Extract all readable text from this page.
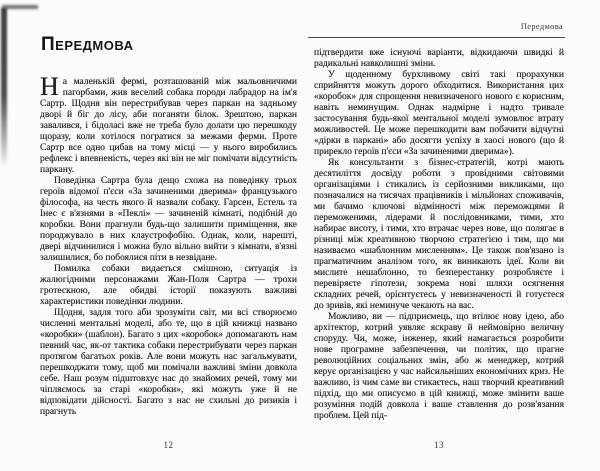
Передмова

На маленькій фермі, розташованій між мальовничими пагорбами, жив веселий собака породи лабрадор на ім'я Сартр. Щодня він перестрибував через паркан на задньому дворі й біг до лісу, аби поганяти білок. Зрештою, паркан завалився, і бідоласі вже не треба було долати цю перешкоду щоразу, коли хотілося погратися за межами ферми. Проте Сартр все одно цибав на тому місці — у нього виробились рефлекс і впевненість, через які він не міг помічати відсутність паркану.

Поведінка Сартра була дещо схожа на поведінку трьох героїв відомої п'єси «За зачиненими дверима» французького філософа, на честь якого й назвали собаку. Гарсен, Естель та Інес є в'язнями в «Пеклі» — зачиненій кімнаті, подібній до коробки. Вони прагнули будь-що залишити приміщення, яке породжувало в них клаустрофобію. Однак, коли, нарешті, двері відчинилися і можна було вільно вийти з кімнати, в'язні залишилися, бо побоялися піти в незвідане.

Помилка собаки видається смішною, ситуація із жалюгідними персонажами Жан-Поля Сартра — трохи гротескною, але обидві історії показують важливі характеристики поведінки людини.

Щодня, задля того аби зрозуміти світ, ми всі створюємо численні ментальні моделі, або те, що в цій книжці названо «коробки» (шаблон). Багато з цих «коробок» допомагають нам певний час, як-от тактика собаки перестрибувати через паркан протягом багатьох років. Але вони можуть нас загальмувати, перешкоджати тому, щоб ми помічали важливі зміни довкола себе. Наш розум підштовхує нас до знайомих речей, тому ми чіпляємось за старі «коробки», які можуть уже й не відповідати дійсності. Багато з нас не схильні до ризиків і прагнуть

12
Передмова

підтвердити вже існуючі варіанти, відкидаючи швидкі й радикальні навколишні зміни.

У щоденному бурхливому світі такі прорахунки сприйняття можуть дорого обходитися. Використання цих «коробок» для спрощення невизначеного нового є корисним, навіть неминущим. Однак надмірне і надто тривале застосування будь-якої ментальної моделі зумовлює втрату можливостей. Це може перешкодити вам побачити відчутні «дірки в паркані» або досягти успіху в хаосі нового (що й прирекло героїв п'єси «За зачиненими дверима»).

Як консультанти з бізнес-стратегій, котрі мають десятиліття досвіду роботи з провідними світовими організаціями і стикались із серйозними викликами, що позначалися на тисячах працівників і мільйонах споживачів, ми бачимо ключові відмінності між переможцями й переможеними, лідерами й послідовниками, тими, хто набирає висоту, і тими, хто втрачає через нове, що полягає в різниці між креативною творчою стратегією і тим, що ми називаємо «шаблонним мисленням». Це також пов'язано із прагматичним аналізом того, як виникають ідеї. Коли ви мислите нешаблонно, то безперестанку розробляєте і перевіряєте гіпотези, зокрема нові шляхи осягнення складних речей, орієнтуєтесь у невизначеності й готуєтеся до зривів, які неминуче чекають на вас.

Можливо, ви — підприємець, що втілює нову ідею, або архітектор, котрий уявляє яскраву й неймовірно величну споруду. Чи, може, інженер, який намагається розробити нове програмне забезпечення, чи політик, що прагне революційних соціальних змін, або ж менеджер, котрий керує організацією у час найсильніших економічних криз. Не важливо, із чим саме ви стикаєтесь, наш творчий креативний підхід, що ми описуємо в цій книжці, може змінити ваше розуміння подій довкола і ваше ставлення до розв'язання проблем. Цей під-

13
